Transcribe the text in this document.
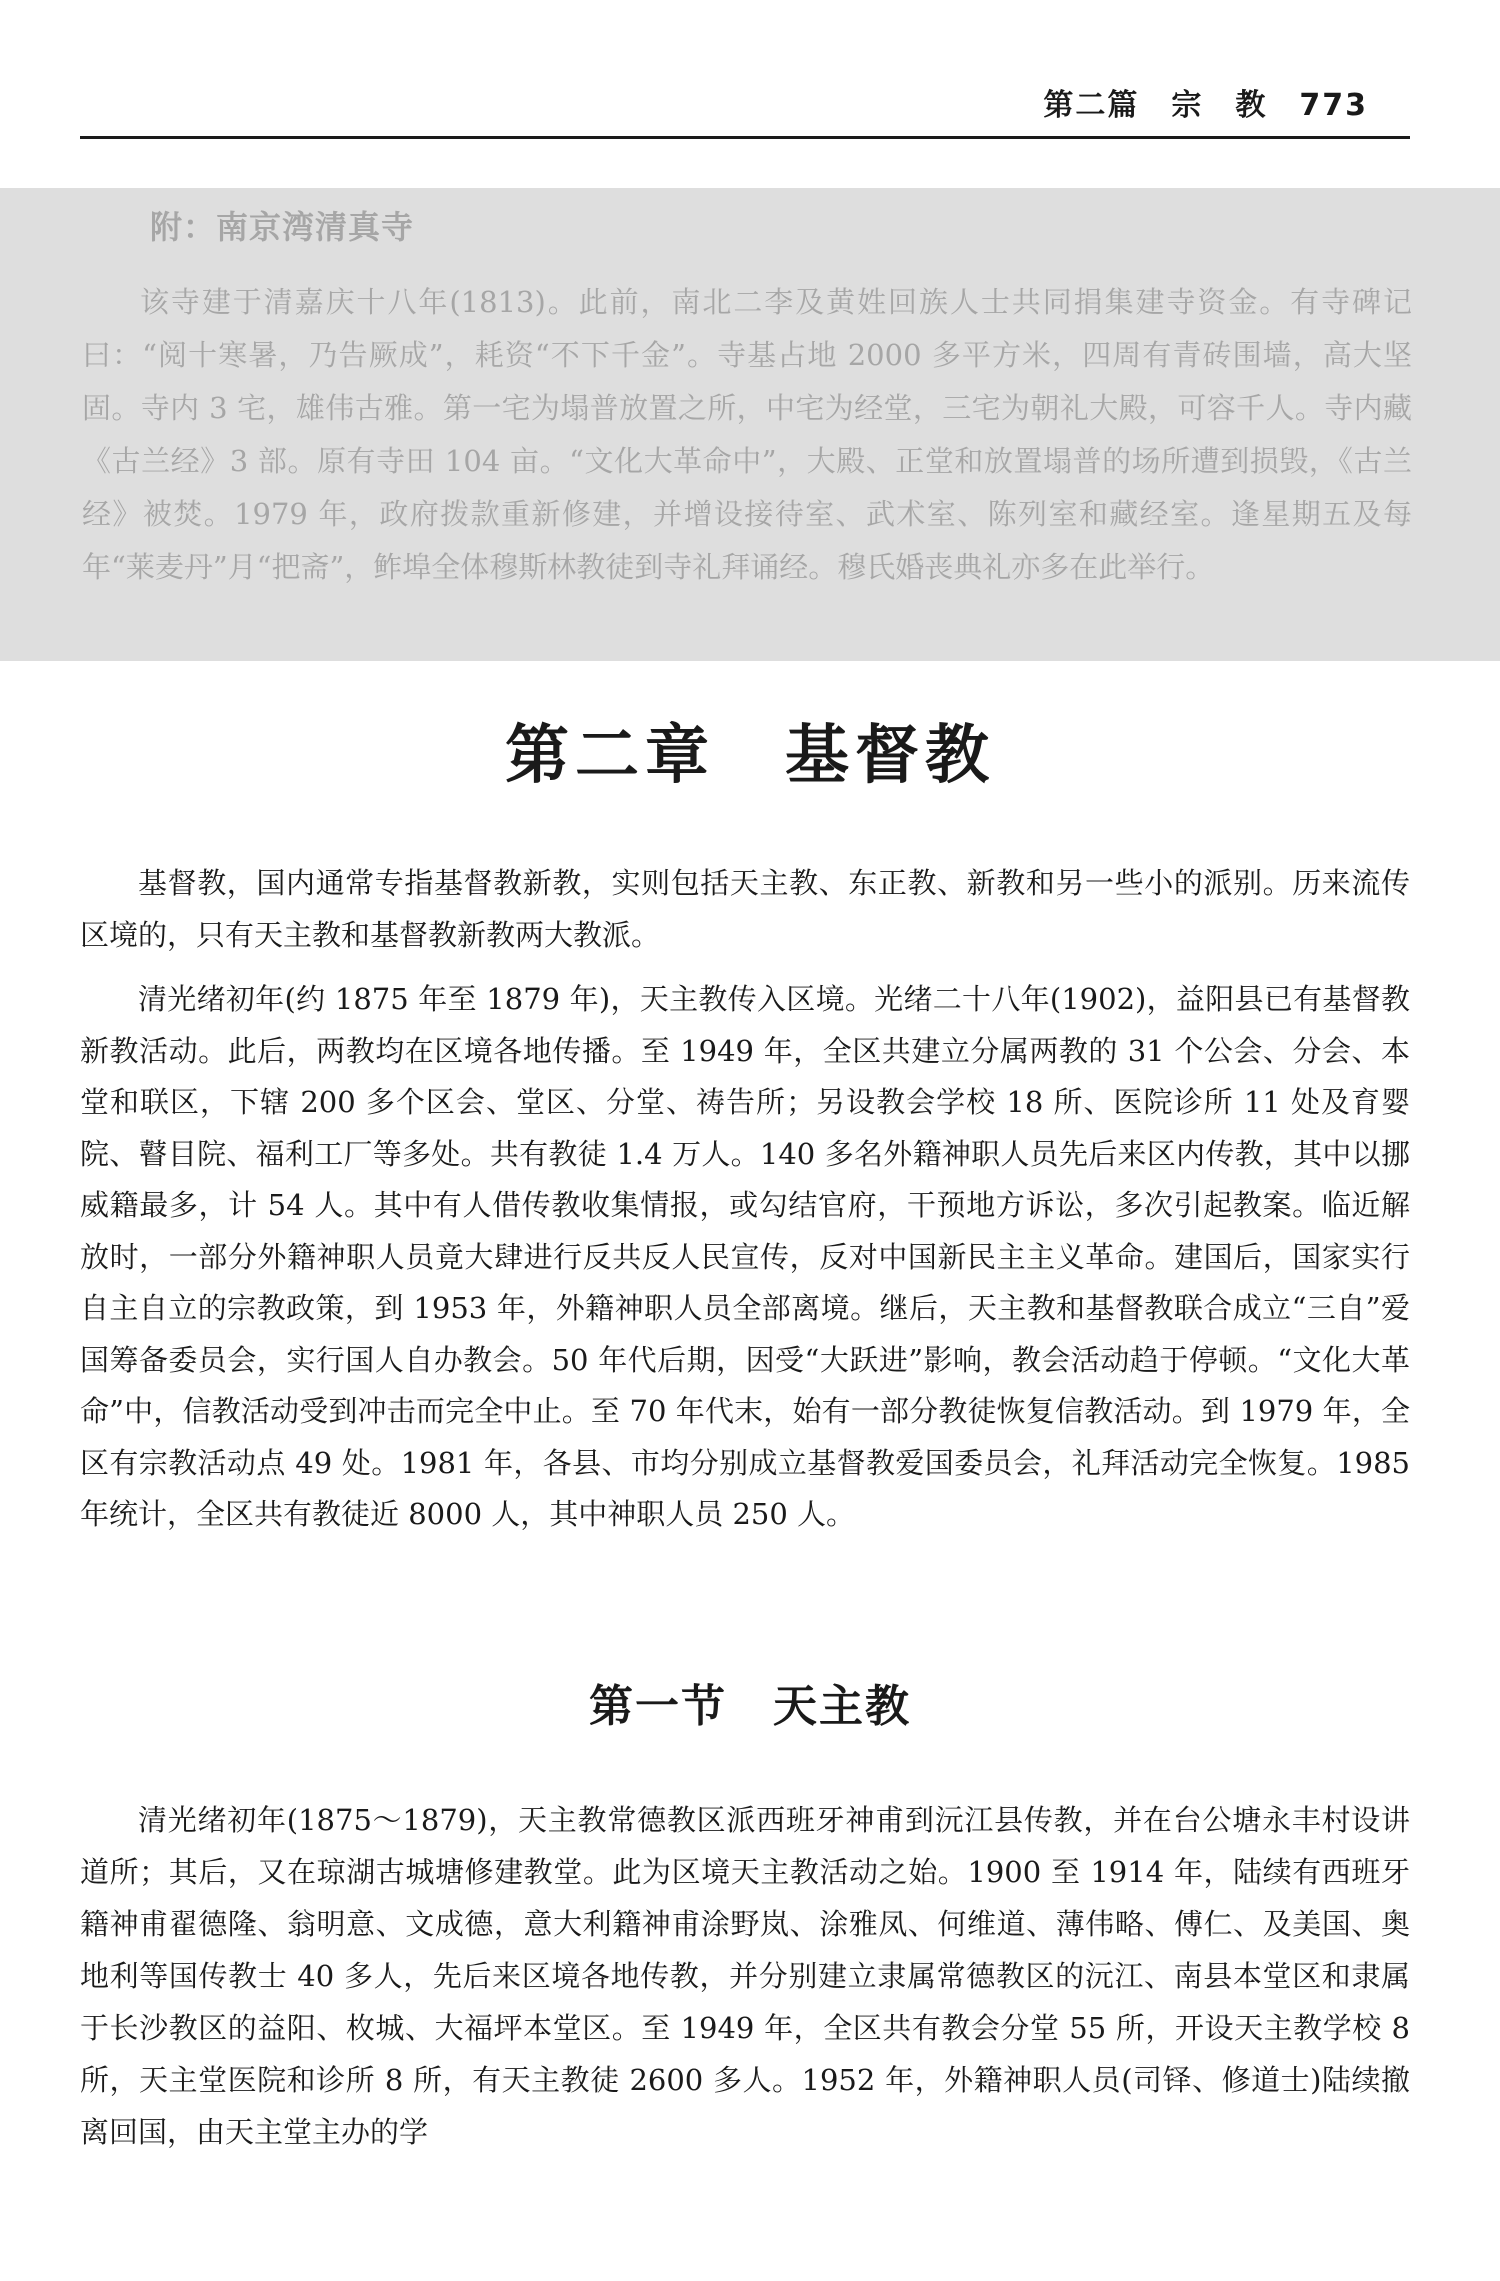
第二篇　宗　教　773
附：南京湾清真寺

该寺建于清嘉庆十八年(1813)。此前，南北二李及黄姓回族人士共同捐集建寺资金。有寺碑记曰：“阅十寒暑，乃告厥成”，耗资“不下千金”。寺基占地 2000 多平方米，四周有青砖围墙，高大坚固。寺内 3 宅，雄伟古雅。第一宅为塌普放置之所，中宅为经堂，三宅为朝礼大殿，可容千人。寺内藏《古兰经》3 部。原有寺田 104 亩。“文化大革命中”，大殿、正堂和放置塌普的场所遭到损毁，《古兰经》被焚。1979 年，政府拨款重新修建，并增设接待室、武术室、陈列室和藏经室。逢星期五及每年“莱麦丹”月“把斋”，鲊埠全体穆斯林教徒到寺礼拜诵经。穆氏婚丧典礼亦多在此举行。

第二章　基督教

基督教，国内通常专指基督教新教，实则包括天主教、东正教、新教和另一些小的派别。历来流传区境的，只有天主教和基督教新教两大教派。

清光绪初年(约 1875 年至 1879 年)，天主教传入区境。光绪二十八年(1902)，益阳县已有基督教新教活动。此后，两教均在区境各地传播。至 1949 年，全区共建立分属两教的 31 个公会、分会、本堂和联区，下辖 200 多个区会、堂区、分堂、祷告所；另设教会学校 18 所、医院诊所 11 处及育婴院、瞽目院、福利工厂等多处。共有教徒 1.4 万人。140 多名外籍神职人员先后来区内传教，其中以挪威籍最多，计 54 人。其中有人借传教收集情报，或勾结官府，干预地方诉讼，多次引起教案。临近解放时，一部分外籍神职人员竟大肆进行反共反人民宣传，反对中国新民主主义革命。建国后，国家实行自主自立的宗教政策，到 1953 年，外籍神职人员全部离境。继后，天主教和基督教联合成立“三自”爱国筹备委员会，实行国人自办教会。50 年代后期，因受“大跃进”影响，教会活动趋于停顿。“文化大革命”中，信教活动受到冲击而完全中止。至 70 年代末，始有一部分教徒恢复信教活动。到 1979 年，全区有宗教活动点 49 处。1981 年，各县、市均分别成立基督教爱国委员会，礼拜活动完全恢复。1985 年统计，全区共有教徒近 8000 人，其中神职人员 250 人。

第一节　天主教

清光绪初年(1875～1879)，天主教常德教区派西班牙神甫到沅江县传教，并在台公塘永丰村设讲道所；其后，又在琼湖古城塘修建教堂。此为区境天主教活动之始。1900 至 1914 年，陆续有西班牙籍神甫翟德隆、翁明意、文成德，意大利籍神甫涂野岚、涂雅凤、何维道、薄伟略、傅仁、及美国、奥地利等国传教士 40 多人，先后来区境各地传教，并分别建立隶属常德教区的沅江、南县本堂区和隶属于长沙教区的益阳、枚城、大福坪本堂区。至 1949 年，全区共有教会分堂 55 所，开设天主教学校 8 所，天主堂医院和诊所 8 所，有天主教徒 2600 多人。1952 年，外籍神职人员(司铎、修道士)陆续撤离回国，由天主堂主办的学
